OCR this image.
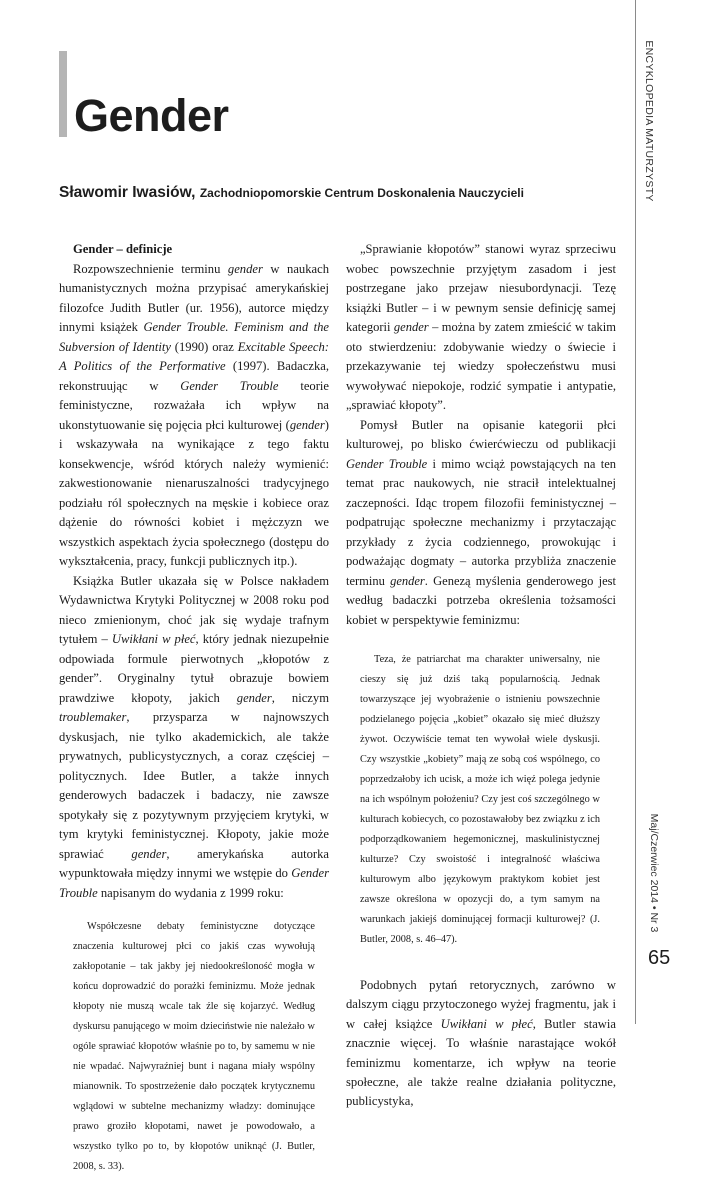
Gender
Sławomir Iwasiów, Zachodniopomorskie Centrum Doskonalenia Nauczycieli	ENCYKLOPEDIA MATURZYSTY
Maj/Czerwiec 2014 • Nr 3

65

Gender – definicje

Rozpowszechnienie terminu gender w naukach humanistycznych można przypisać amerykańskiej filozofce Judith Butler (ur. 1956), autorce między innymi książek Gender Trouble. Feminism and the Subversion of Identity (1990) oraz Excitable Speech: A Politics of the Performative (1997). Badaczka, rekonstruując w Gender Trouble teorie feministyczne, rozważała ich wpływ na ukonstytuowanie się pojęcia płci kulturowej (gender) i wskazywała na wynikające z tego faktu konsekwencje, wśród których należy wymienić: zakwestionowanie nienaruszalności tradycyjnego podziału ról społecznych na męskie i kobiece oraz dążenie do równości kobiet i mężczyzn we wszystkich aspektach życia społecznego (dostępu do wykształcenia, pracy, funkcji publicznych itp.).

Książka Butler ukazała się w Polsce nakładem Wydawnictwa Krytyki Politycznej w 2008 roku pod nieco zmienionym, choć jak się wydaje trafnym tytułem – Uwikłani w płeć, który jednak niezupełnie odpowiada formule pierwotnych „kłopotów z gender”. Oryginalny tytuł obrazuje bowiem prawdziwe kłopoty, jakich gender, niczym troublemaker, przysparza w najnowszych dyskusjach, nie tylko akademickich, ale także prywatnych, publicystycznych, a coraz częściej – politycznych. Idee Butler, a także innych genderowych badaczek i badaczy, nie zawsze spotykały się z pozytywnym przyjęciem krytyki, w tym krytyki feministycznej. Kłopoty, jakie może sprawiać gender, amerykańska autorka wypunktowała między innymi we wstępie do Gender Trouble napisanym do wydania z 1999 roku:

Współczesne debaty feministyczne dotyczące znaczenia kulturowej płci co jakiś czas wywołują zakłopotanie – tak jakby jej niedookreśloność mogła w końcu doprowadzić do porażki feminizmu. Może jednak kłopoty nie muszą wcale tak źle się kojarzyć. Według dyskursu panującego w moim dzieciństwie nie należało w ogóle sprawiać kłopotów właśnie po to, by samemu w nie nie wpadać. Najwyraźniej bunt i nagana miały wspólny mianownik. To spostrzeżenie dało początek krytycznemu wglądowi w subtelne mechanizmy władzy: dominujące prawo groziło kłopotami, nawet je powodowało, a wszystko tylko po to, by kłopotów uniknąć (J. Butler, 2008, s. 33).

„Sprawianie kłopotów” stanowi wyraz sprzeciwu wobec powszechnie przyjętym zasadom i jest postrzegane jako przejaw niesubordynacji. Tezę książki Butler – i w pewnym sensie definicję samej kategorii gender – można by zatem zmieścić w takim oto stwierdzeniu: zdobywanie wiedzy o świecie i przekazywanie tej wiedzy społeczeństwu musi wywoływać niepokoje, rodzić sympatie i antypatie, „sprawiać kłopoty”.

Pomysł Butler na opisanie kategorii płci kulturowej, po blisko ćwierćwieczu od publikacji Gender Trouble i mimo wciąż powstających na ten temat prac naukowych, nie stracił intelektualnej zaczepności. Idąc tropem filozofii feministycznej – podpatrując społeczne mechanizmy i przytaczając przykłady z życia codziennego, prowokując i podważając dogmaty – autorka przybliża znaczenie terminu gender. Genezą myślenia genderowego jest według badaczki potrzeba określenia tożsamości kobiet w perspektywie feminizmu:

Teza, że patriarchat ma charakter uniwersalny, nie cieszy się już dziś taką popularnością. Jednak towarzyszące jej wyobrażenie o istnieniu powszechnie podzielanego pojęcia „kobiet” okazało się mieć dłuższy żywot. Oczywiście temat ten wywołał wiele dyskusji. Czy wszystkie „kobiety” mają ze sobą coś wspólnego, co poprzedzałoby ich ucisk, a może ich więź polega jedynie na ich wspólnym położeniu? Czy jest coś szczególnego w kulturach kobiecych, co pozostawałoby bez związku z ich podporządkowaniem hegemonicznej, maskulinistycznej kulturze? Czy swoistość i integralność właściwa kulturowym albo językowym praktykom kobiet jest zawsze określona w opozycji do, a tym samym na warunkach jakiejś dominującej formacji kulturowej? (J. Butler, 2008, s. 46–47).

Podobnych pytań retorycznych, zarówno w dalszym ciągu przytoczonego wyżej fragmentu, jak i w całej książce Uwikłani w płeć, Butler stawia znacznie więcej. To właśnie narastające wokół feminizmu komentarze, ich wpływ na teorie społeczne, ale także realne działania polityczne, publicystyka,
